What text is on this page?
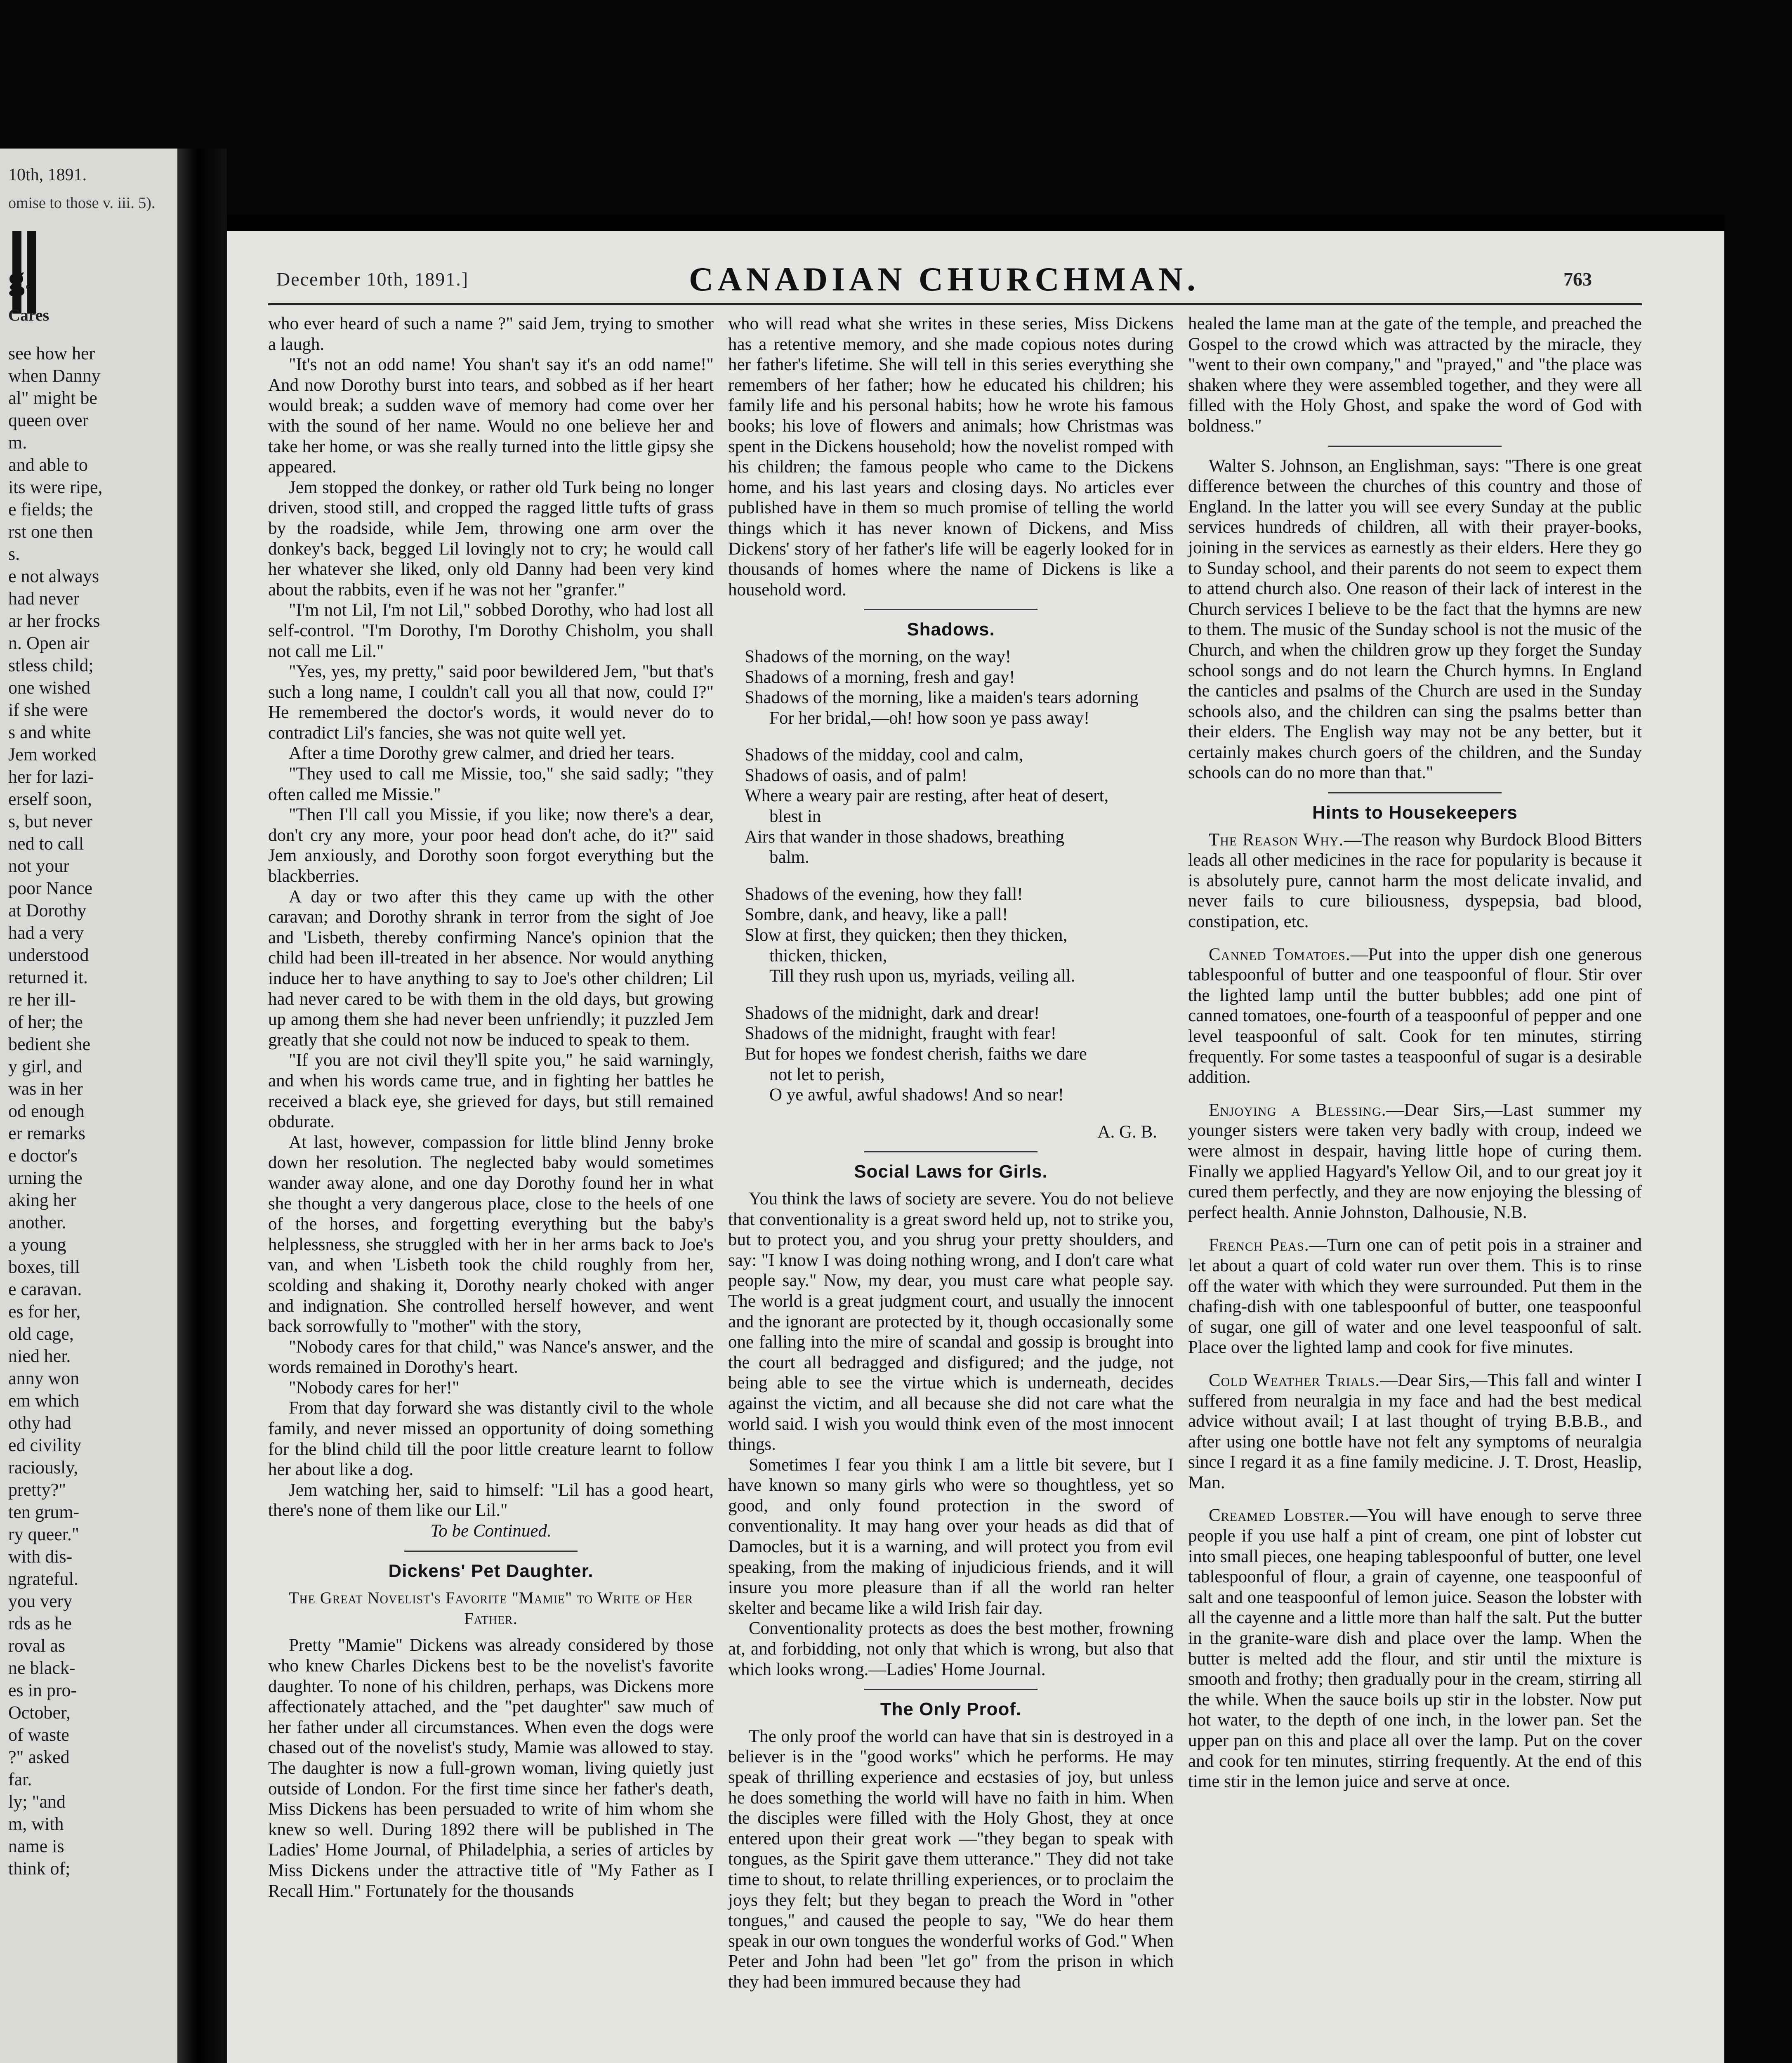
10th, 1891.
omise to those v. iii. 5).
g.
Cares
see how her
when Danny
al" might be
queen over
m.
and able to
its were ripe,
e fields; the
rst one then
s.
e not always
had never
ar her frocks
n. Open air
stless child;
one wished
if she were
s and white
Jem worked
her for lazi-
erself soon,
s, but never
ned to call
not your
poor Nance
at Dorothy
had a very
understood
returned it.
re her ill-
of her; the
bedient she
y girl, and
was in her
od enough
er remarks
e doctor's
urning the
aking her
another.
a young
boxes, till
e caravan.
es for her,
old cage,
nied her.
anny won
em which
othy had
ed civility
raciously,
pretty?"
ten grum-
ry queer."
with dis-
ngrateful.
you very
rds as he
roval as
ne black-
es in pro-
October,
of waste
?" asked
far.
ly; "and
m, with
name is
think of;
December 10th, 1891.]	CANADIAN CHURCHMAN.	763

who ever heard of such a name ?" said Jem, trying to smother a laugh.

"It's not an odd name! You shan't say it's an odd name!" And now Dorothy burst into tears, and sobbed as if her heart would break; a sudden wave of memory had come over her with the sound of her name. Would no one believe her and take her home, or was she really turned into the little gipsy she appeared.

Jem stopped the donkey, or rather old Turk being no longer driven, stood still, and cropped the ragged little tufts of grass by the roadside, while Jem, throwing one arm over the donkey's back, begged Lil lovingly not to cry; he would call her whatever she liked, only old Danny had been very kind about the rabbits, even if he was not her "granfer."

"I'm not Lil, I'm not Lil," sobbed Dorothy, who had lost all self-control. "I'm Dorothy, I'm Dorothy Chisholm, you shall not call me Lil."

"Yes, yes, my pretty," said poor bewildered Jem, "but that's such a long name, I couldn't call you all that now, could I?" He remembered the doctor's words, it would never do to contradict Lil's fancies, she was not quite well yet.

After a time Dorothy grew calmer, and dried her tears.

"They used to call me Missie, too," she said sadly; "they often called me Missie."

"Then I'll call you Missie, if you like; now there's a dear, don't cry any more, your poor head don't ache, do it?" said Jem anxiously, and Dorothy soon forgot everything but the blackberries.

A day or two after this they came up with the other caravan; and Dorothy shrank in terror from the sight of Joe and 'Lisbeth, thereby confirming Nance's opinion that the child had been ill-treated in her absence. Nor would anything induce her to have anything to say to Joe's other children; Lil had never cared to be with them in the old days, but growing up among them she had never been unfriendly; it puzzled Jem greatly that she could not now be induced to speak to them.

"If you are not civil they'll spite you," he said warningly, and when his words came true, and in fighting her battles he received a black eye, she grieved for days, but still remained obdurate.

At last, however, compassion for little blind Jenny broke down her resolution. The neglected baby would sometimes wander away alone, and one day Dorothy found her in what she thought a very dangerous place, close to the heels of one of the horses, and forgetting everything but the baby's helplessness, she struggled with her in her arms back to Joe's van, and when 'Lisbeth took the child roughly from her, scolding and shaking it, Dorothy nearly choked with anger and indignation. She controlled herself however, and went back sorrowfully to "mother" with the story,

"Nobody cares for that child," was Nance's answer, and the words remained in Dorothy's heart.

"Nobody cares for her!"

From that day forward she was distantly civil to the whole family, and never missed an opportunity of doing something for the blind child till the poor little creature learnt to follow her about like a dog.

Jem watching her, said to himself: "Lil has a good heart, there's none of them like our Lil."

To be Continued.

Dickens' Pet Daughter.
The Great Novelist's Favorite "Mamie" to Write of Her Father.

Pretty "Mamie" Dickens was already considered by those who knew Charles Dickens best to be the novelist's favorite daughter. To none of his children, perhaps, was Dickens more affectionately attached, and the "pet daughter" saw much of her father under all circumstances. When even the dogs were chased out of the novelist's study, Mamie was allowed to stay. The daughter is now a full-grown woman, living quietly just outside of London. For the first time since her father's death, Miss Dickens has been persuaded to write of him whom she knew so well. During 1892 there will be published in The Ladies' Home Journal, of Philadelphia, a series of articles by Miss Dickens under the attractive title of "My Father as I Recall Him." Fortunately for the thousands

who will read what she writes in these series, Miss Dickens has a retentive memory, and she made copious notes during her father's lifetime. She will tell in this series everything she remembers of her father; how he educated his children; his family life and his personal habits; how he wrote his famous books; his love of flowers and animals; how Christmas was spent in the Dickens household; how the novelist romped with his children; the famous people who came to the Dickens home, and his last years and closing days. No articles ever published have in them so much promise of telling the world things which it has never known of Dickens, and Miss Dickens' story of her father's life will be eagerly looked for in thousands of homes where the name of Dickens is like a household word.

Shadows.
Shadows of the morning, on the way!
Shadows of a morning, fresh and gay!
Shadows of the morning, like a maiden's tears adorning
For her bridal,—oh! how soon ye pass away!
Shadows of the midday, cool and calm,
Shadows of oasis, and of palm!
Where a weary pair are resting, after heat of desert,
blest in
Airs that wander in those shadows, breathing
balm.
Shadows of the evening, how they fall!
Sombre, dank, and heavy, like a pall!
Slow at first, they quicken; then they thicken,
thicken, thicken,
Till they rush upon us, myriads, veiling all.
Shadows of the midnight, dark and drear!
Shadows of the midnight, fraught with fear!
But for hopes we fondest cherish, faiths we dare
not let to perish,
O ye awful, awful shadows! And so near!
A. G. B.
Social Laws for Girls.

You think the laws of society are severe. You do not believe that conventionality is a great sword held up, not to strike you, but to protect you, and you shrug your pretty shoulders, and say: "I know I was doing nothing wrong, and I don't care what people say." Now, my dear, you must care what people say. The world is a great judgment court, and usually the innocent and the ignorant are protected by it, though occasionally some one falling into the mire of scandal and gossip is brought into the court all bedragged and disfigured; and the judge, not being able to see the virtue which is underneath, decides against the victim, and all because she did not care what the world said. I wish you would think even of the most innocent things.

Sometimes I fear you think I am a little bit severe, but I have known so many girls who were so thoughtless, yet so good, and only found protection in the sword of conventionality. It may hang over your heads as did that of Damocles, but it is a warning, and will protect you from evil speaking, from the making of injudicious friends, and it will insure you more pleasure than if all the world ran helter skelter and became like a wild Irish fair day.

Conventionality protects as does the best mother, frowning at, and forbidding, not only that which is wrong, but also that which looks wrong.—Ladies' Home Journal.

The Only Proof.

The only proof the world can have that sin is destroyed in a believer is in the "good works" which he performs. He may speak of thrilling experience and ecstasies of joy, but unless he does something the world will have no faith in him. When the disciples were filled with the Holy Ghost, they at once entered upon their great work —"they began to speak with tongues, as the Spirit gave them utterance." They did not take time to shout, to relate thrilling experiences, or to proclaim the joys they felt; but they began to preach the Word in "other tongues," and caused the people to say, "We do hear them speak in our own tongues the wonderful works of God." When Peter and John had been "let go" from the prison in which they had been immured because they had

healed the lame man at the gate of the temple, and preached the Gospel to the crowd which was attracted by the miracle, they "went to their own company," and "prayed," and "the place was shaken where they were assembled together, and they were all filled with the Holy Ghost, and spake the word of God with boldness."

Walter S. Johnson, an Englishman, says: "There is one great difference between the churches of this country and those of England. In the latter you will see every Sunday at the public services hundreds of children, all with their prayer-books, joining in the services as earnestly as their elders. Here they go to Sunday school, and their parents do not seem to expect them to attend church also. One reason of their lack of interest in the Church services I believe to be the fact that the hymns are new to them. The music of the Sunday school is not the music of the Church, and when the children grow up they forget the Sunday school songs and do not learn the Church hymns. In England the canticles and psalms of the Church are used in the Sunday schools also, and the children can sing the psalms better than their elders. The English way may not be any better, but it certainly makes church goers of the children, and the Sunday schools can do no more than that."

Hints to Housekeepers

The Reason Why.—The reason why Burdock Blood Bitters leads all other medicines in the race for popularity is because it is absolutely pure, cannot harm the most delicate invalid, and never fails to cure biliousness, dyspepsia, bad blood, constipation, etc.

Canned Tomatoes.—Put into the upper dish one generous tablespoonful of butter and one teaspoonful of flour. Stir over the lighted lamp until the butter bubbles; add one pint of canned tomatoes, one-fourth of a teaspoonful of pepper and one level teaspoonful of salt. Cook for ten minutes, stirring frequently. For some tastes a teaspoonful of sugar is a desirable addition.

Enjoying a Blessing.—Dear Sirs,—Last summer my younger sisters were taken very badly with croup, indeed we were almost in despair, having little hope of curing them. Finally we applied Hagyard's Yellow Oil, and to our great joy it cured them perfectly, and they are now enjoying the blessing of perfect health. Annie Johnston, Dalhousie, N.B.

French Peas.—Turn one can of petit pois in a strainer and let about a quart of cold water run over them. This is to rinse off the water with which they were surrounded. Put them in the chafing-dish with one tablespoonful of butter, one teaspoonful of sugar, one gill of water and one level teaspoonful of salt. Place over the lighted lamp and cook for five minutes.

Cold Weather Trials.—Dear Sirs,—This fall and winter I suffered from neuralgia in my face and had the best medical advice without avail; I at last thought of trying B.B.B., and after using one bottle have not felt any symptoms of neuralgia since I regard it as a fine family medicine. J. T. Drost, Heaslip, Man.

Creamed Lobster.—You will have enough to serve three people if you use half a pint of cream, one pint of lobster cut into small pieces, one heaping tablespoonful of butter, one level tablespoonful of flour, a grain of cayenne, one teaspoonful of salt and one teaspoonful of lemon juice. Season the lobster with all the cayenne and a little more than half the salt. Put the butter in the granite-ware dish and place over the lamp. When the butter is melted add the flour, and stir until the mixture is smooth and frothy; then gradually pour in the cream, stirring all the while. When the sauce boils up stir in the lobster. Now put hot water, to the depth of one inch, in the lower pan. Set the upper pan on this and place all over the lamp. Put on the cover and cook for ten minutes, stirring frequently. At the end of this time stir in the lemon juice and serve at once.
